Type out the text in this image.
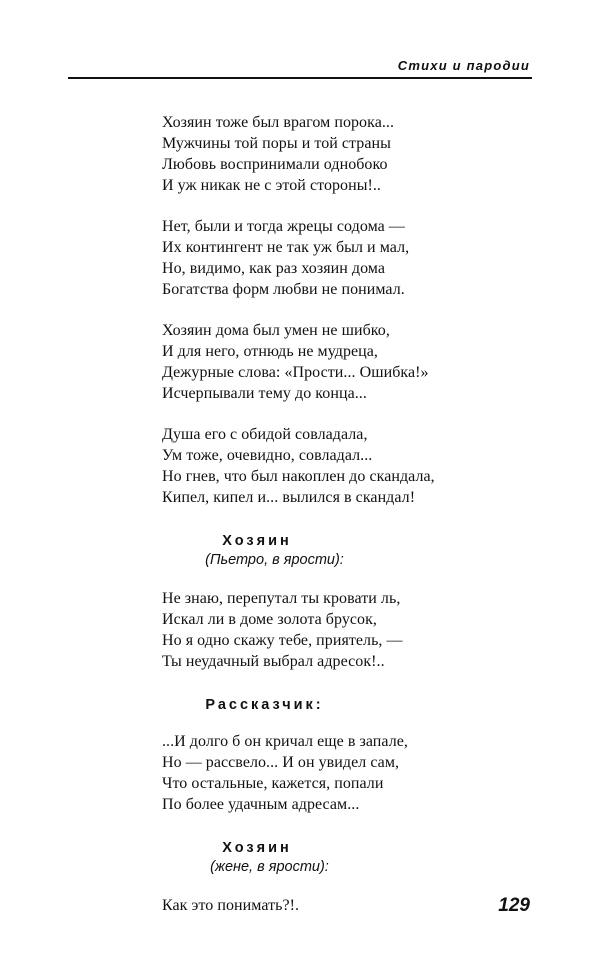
Стихи и пародии
Хозяин тоже был врагом порока...
Мужчины той поры и той страны
Любовь воспринимали однобоко
И уж никак не с этой стороны!..
Нет, были и тогда жрецы содома —
Их контингент не так уж был и мал,
Но, видимо, как раз хозяин дома
Богатства форм любви не понимал.
Хозяин дома был умен не шибко,
И для него, отнюдь не мудреца,
Дежурные слова: «Прости... Ошибка!»
Исчерпывали тему до конца...
Душа его с обидой совладала,
Ум тоже, очевидно, совладал...
Но гнев, что был накоплен до скандала,
Кипел, кипел и... вылился в скандал!
Хозяин
(Пьетро, в ярости):
Не знаю, перепутал ты кровати ль,
Искал ли в доме золота брусок,
Но я одно скажу тебе, приятель, —
Ты неудачный выбрал адресок!..
Рассказчик:
...И долго б он кричал еще в запале,
Но — рассвело... И он увидел сам,
Что остальные, кажется, попали
По более удачным адресам...
Хозяин
(жене, в ярости):
Как это понимать?!.	129
